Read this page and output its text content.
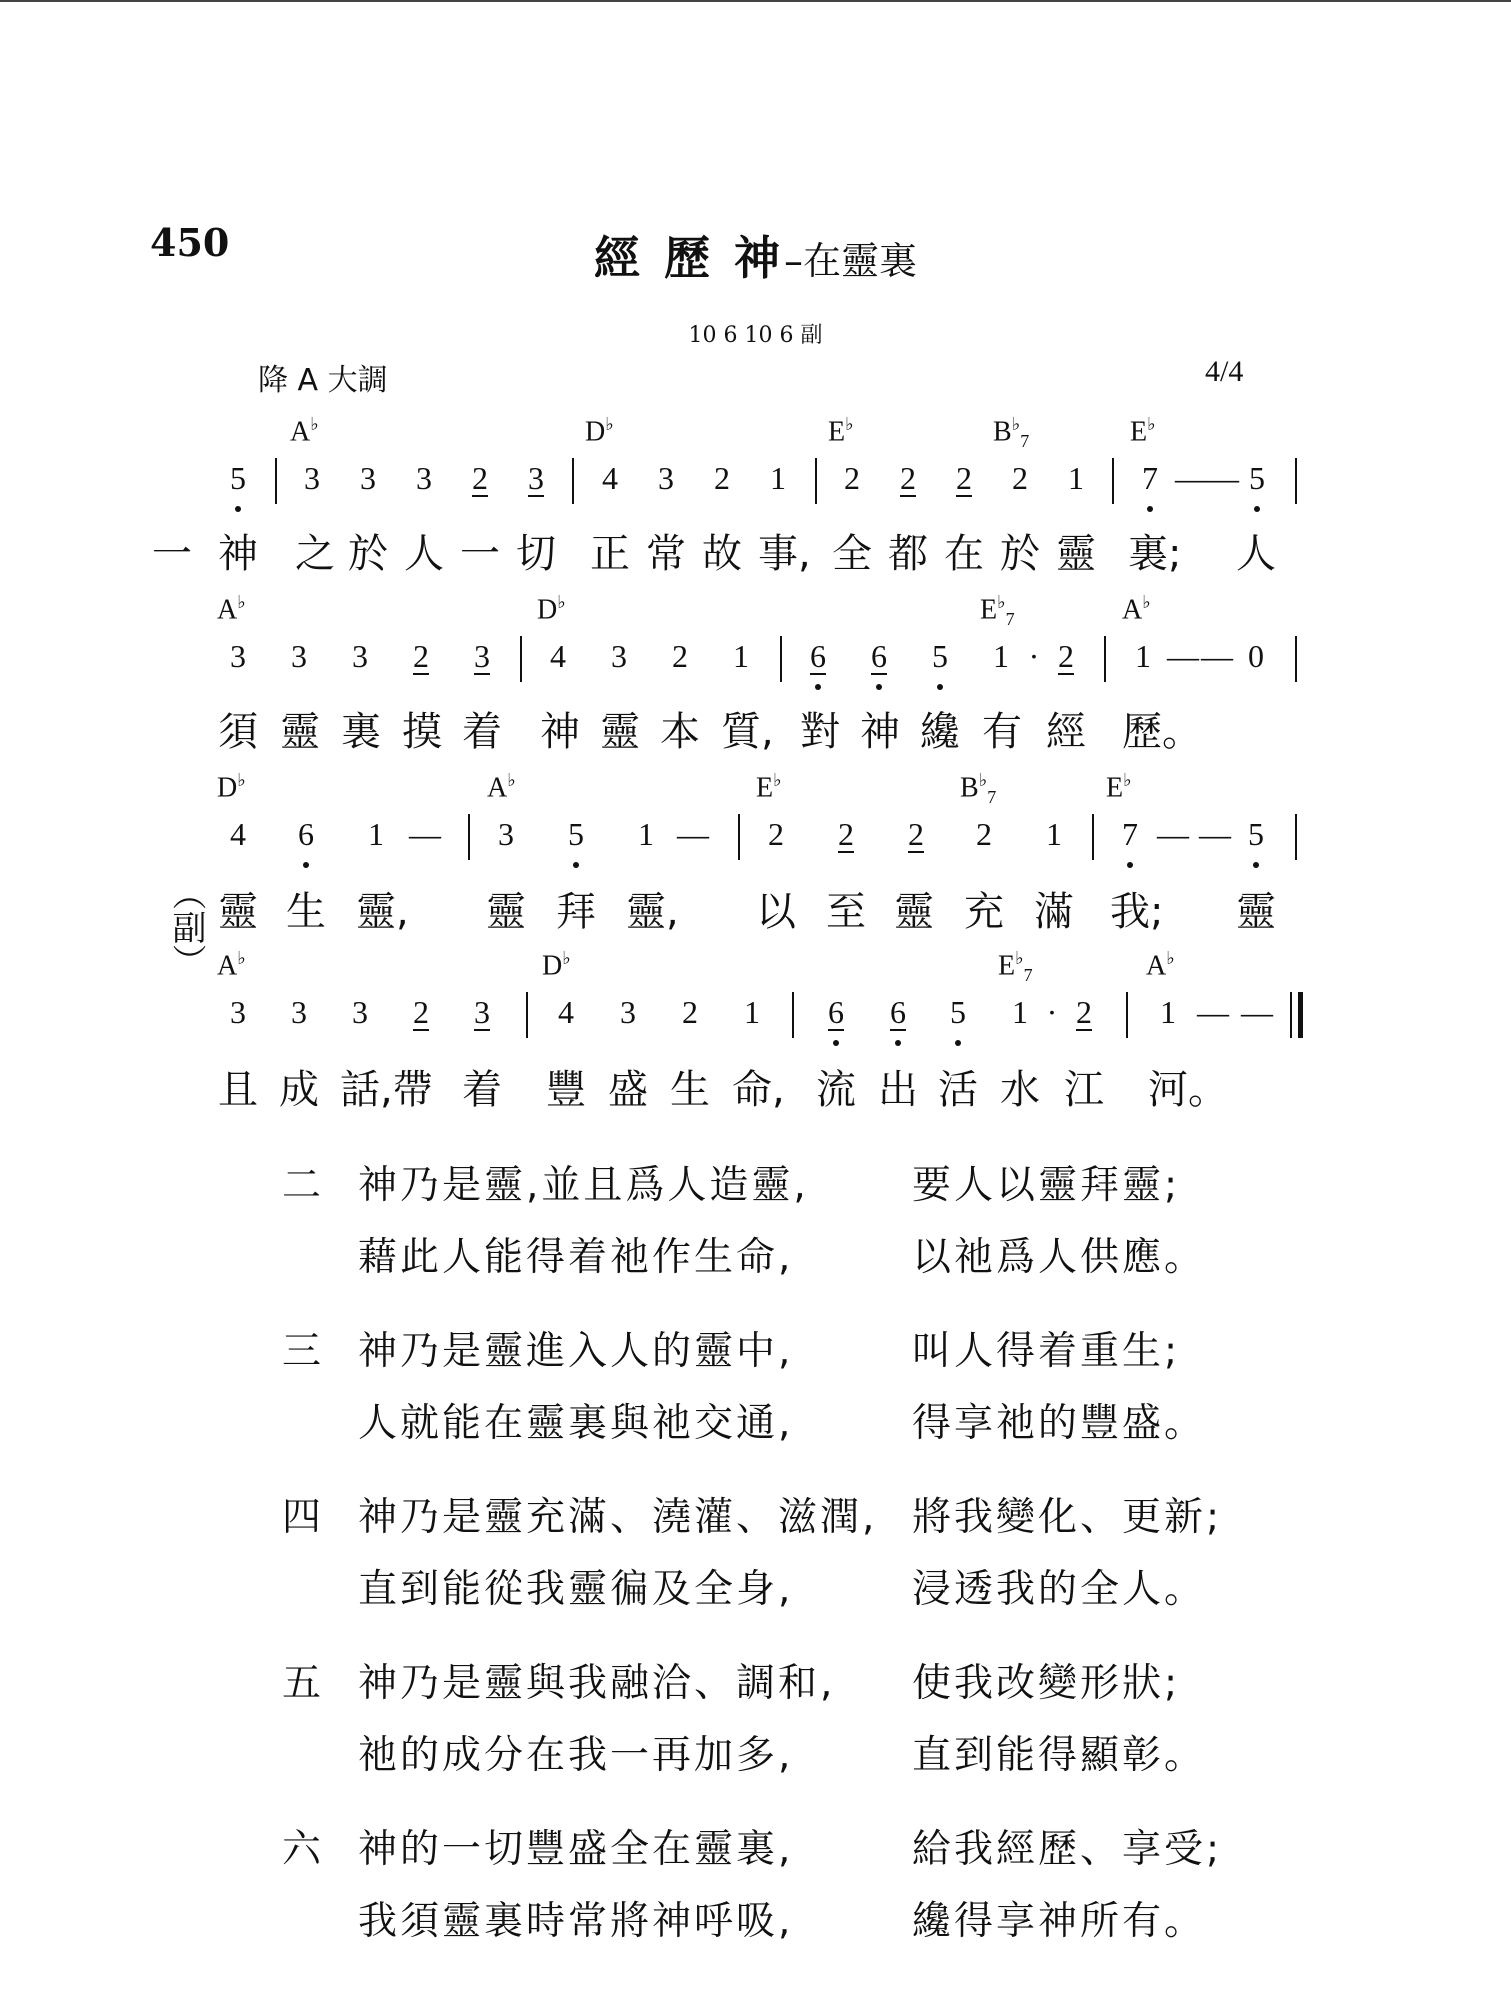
450	經 歷 神–在靈裏
10 6 10 6 副
降 A 大調	4/4
A♭	D♭	E♭	$B^♭_7$	E♭
5 3 3 3 2 3 4 3 2 1 2 2 2 2 1 7 — — 5
一 神 之 於 人 一 切 正 常 故 事, 全 都 在 於 靈 裏; 人
A♭	D♭	$E^♭_7$	A♭
3 3 3 2 3 4 3 2 1 6 6 5 1 · 2 1 — — 0
須 靈 裏 摸 着 神 靈 本 質, 對 神 纔 有 經 歷。
D♭	A♭	E♭	$B^♭_7$	E♭
4 6 1 — 3 5 1 — 2 2 2 2 1 7 — — 5
︵副︶
靈 生 靈, 靈 拜 靈, 以 至 靈 充 滿 我; 靈
A♭	D♭	$E^♭_7$	A♭
3 3 3 2 3 4 3 2 1 6 6 5 1 · 2 1 — —
且 成 話,帶 着 豐 盛 生 命, 流 出 活 水 江 河。
二 神乃是靈,並且爲人造靈,	要人以靈拜靈;
藉此人能得着祂作生命,	以祂爲人供應。
三 神乃是靈進入人的靈中,	叫人得着重生;
人就能在靈裏與祂交通,	得享祂的豐盛。
四 神乃是靈充滿、澆灌、滋潤, 將我變化、更新;
直到能從我靈徧及全身,	浸透我的全人。
五 神乃是靈與我融洽、調和, 使我改變形狀;
祂的成分在我一再加多,	直到能得顯彰。
六 神的一切豐盛全在靈裏,	給我經歷、享受;
我須靈裏時常將神呼吸,	纔得享神所有。
